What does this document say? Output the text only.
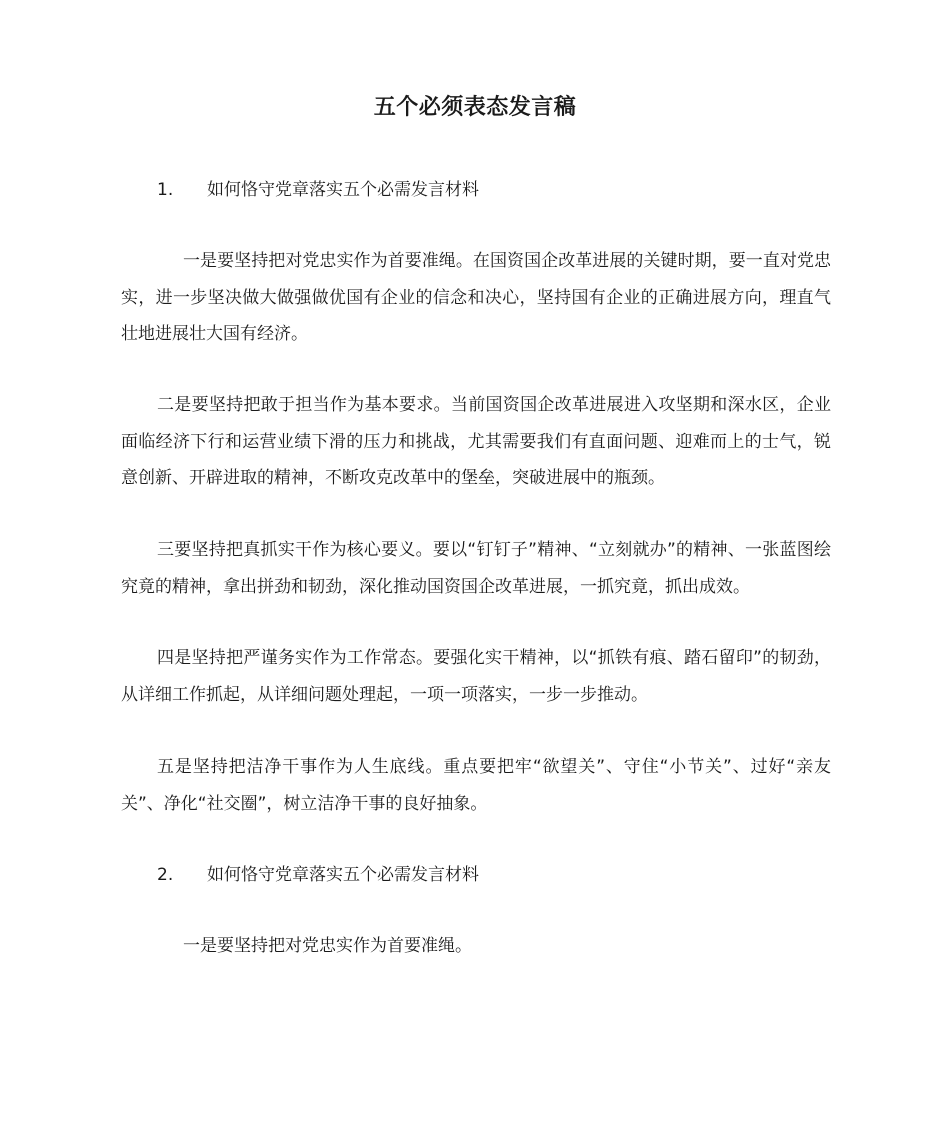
五个必须表态发言稿
1. 如何恪守党章落实五个必需发言材料
一是要坚持把对党忠实作为首要准绳。在国资国企改革进展的关键时期，要一直对党忠实，进一步坚决做大做强做优国有企业的信念和决心，坚持国有企业的正确进展方向，理直气壮地进展壮大国有经济。
二是要坚持把敢于担当作为基本要求。当前国资国企改革进展进入攻坚期和深水区，企业面临经济下行和运营业绩下滑的压力和挑战，尤其需要我们有直面问题、迎难而上的士气，锐意创新、开辟进取的精神，不断攻克改革中的堡垒，突破进展中的瓶颈。
三要坚持把真抓实干作为核心要义。要以“钉钉子”精神、“立刻就办”的精神、一张蓝图绘究竟的精神，拿出拼劲和韧劲，深化推动国资国企改革进展，一抓究竟，抓出成效。
四是坚持把严谨务实作为工作常态。要强化实干精神，以“抓铁有痕、踏石留印”的韧劲，从详细工作抓起，从详细问题处理起，一项一项落实，一步一步推动。
五是坚持把洁净干事作为人生底线。重点要把牢“欲望关”、守住“小节关”、过好“亲友关”、净化“社交圈”，树立洁净干事的良好抽象。
2. 如何恪守党章落实五个必需发言材料
一是要坚持把对党忠实作为首要准绳。
